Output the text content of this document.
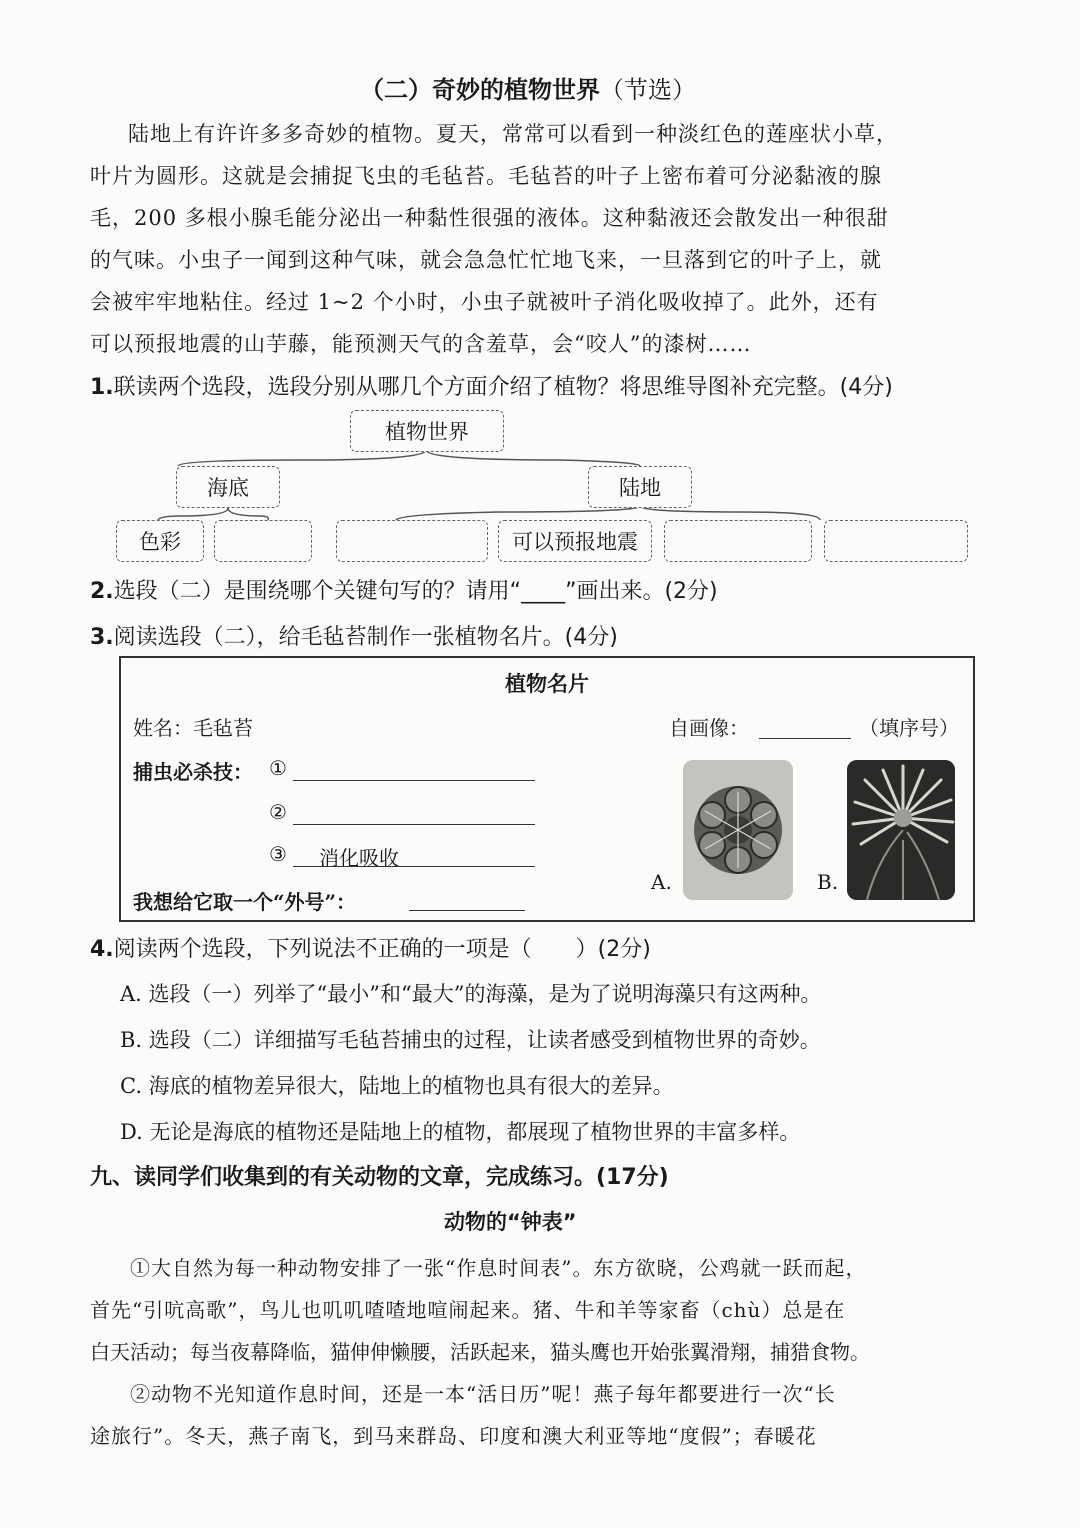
（二）奇妙的植物世界（节选）
陆地上有许许多多奇妙的植物。夏天，常常可以看到一种淡红色的莲座状小草，
叶片为圆形。这就是会捕捉飞虫的毛毡苔。毛毡苔的叶子上密布着可分泌黏液的腺
毛，200 多根小腺毛能分泌出一种黏性很强的液体。这种黏液还会散发出一种很甜
的气味。小虫子一闻到这种气味，就会急急忙忙地飞来，一旦落到它的叶子上，就
会被牢牢地粘住。经过 1~2 个小时，小虫子就被叶子消化吸收掉了。此外，还有
可以预报地震的山芋藤，能预测天气的含羞草，会“咬人”的漆树……
1.联读两个选段，选段分别从哪几个方面介绍了植物？将思维导图补充完整。(4分)
植物世界
海底	陆地
色彩	可以预报地震
2.选段（二）是围绕哪个关键句写的？请用“____”画出来。(2分)
3.阅读选段（二），给毛毡苔制作一张植物名片。(4分)
植物名片
姓名：毛毡苔	自画像：	（填序号）
捕虫必杀技： ①
②
③ 消化吸收
我想给它取一个“外号”：
A.	B.
4.阅读两个选段，下列说法不正确的一项是（　　）(2分)
A. 选段（一）列举了“最小”和“最大”的海藻，是为了说明海藻只有这两种。
B. 选段（二）详细描写毛毡苔捕虫的过程，让读者感受到植物世界的奇妙。
C. 海底的植物差异很大，陆地上的植物也具有很大的差异。
D. 无论是海底的植物还是陆地上的植物，都展现了植物世界的丰富多样。
九、读同学们收集到的有关动物的文章，完成练习。(17分)
动物的“钟表”
①大自然为每一种动物安排了一张“作息时间表”。东方欲晓，公鸡就一跃而起，
首先“引吭高歌”，鸟儿也叽叽喳喳地喧闹起来。猪、牛和羊等家畜（chù）总是在
白天活动；每当夜幕降临，猫伸伸懒腰，活跃起来，猫头鹰也开始张翼滑翔，捕猎食物。
②动物不光知道作息时间，还是一本“活日历”呢！燕子每年都要进行一次“长
途旅行”。冬天，燕子南飞，到马来群岛、印度和澳大利亚等地“度假”；春暖花
